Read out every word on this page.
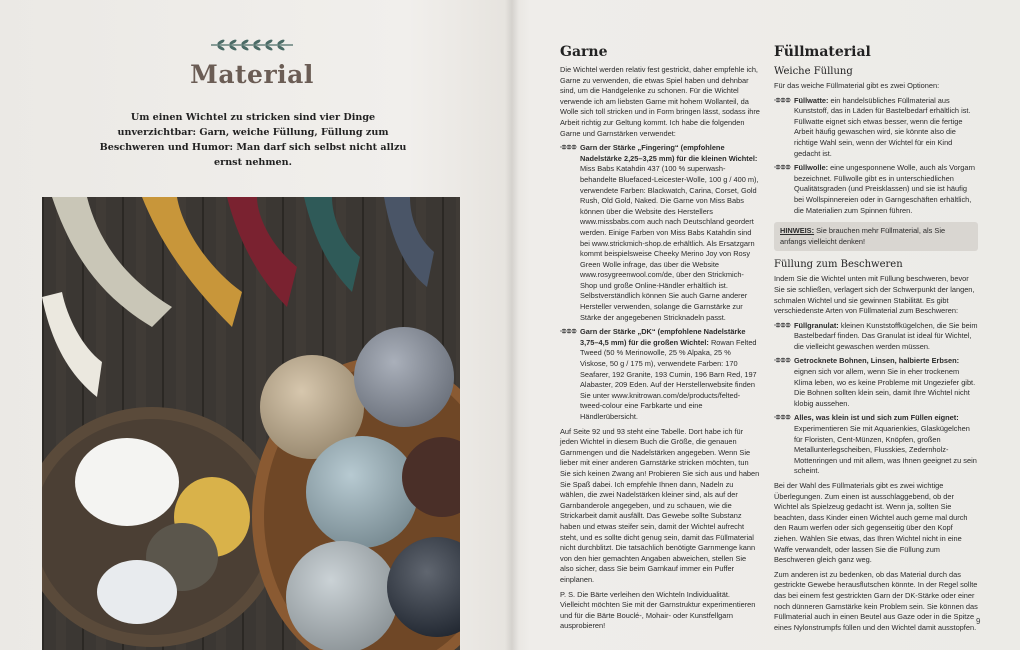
Material
Um einen Wichtel zu stricken sind vier Dinge unverzichtbar: Garn, weiche Füllung, Füllung zum Beschweren und Humor: Man darf sich selbst nicht allzu ernst nehmen.
Garne

Die Wichtel werden relativ fest gestrickt, daher empfehle ich, Garne zu verwenden, die etwas Spiel haben und dehnbar sind, um die Handgelenke zu schonen. Für die Wichtel verwende ich am liebsten Garne mit hohem Wollanteil, da Wolle sich toll stricken und in Form bringen lässt, sodass ihre Arbeit richtig zur Geltung kommt. Ich habe die folgenden Garne und Garnstärken verwendet:

Garn der Stärke „Fingering“ (empfohlene Nadelstärke 2,25–3,25 mm) für die kleinen Wichtel: Miss Babs Katahdin 437 (100 % superwash-behandelte Bluefaced-Leicester-Wolle, 100 g / 400 m), verwendete Farben: Blackwatch, Carina, Corset, Gold Rush, Old Gold, Naked. Die Garne von Miss Babs können über die Website des Herstellers www.missbabs.com auch nach Deutschland geordert werden. Einige Farben von Miss Babs Katahdin sind bei www.strickmich-shop.de erhältlich. Als Ersatzgarn kommt beispielsweise Cheeky Merino Joy von Rosy Green Wolle infrage, das über die Website www.rosygreenwool.com/de, über den Strickmich-Shop und große Online-Händler erhältlich ist. Selbstverständlich können Sie auch Garne anderer Hersteller verwenden, solange die Garnstärke zur Stärke der angegebenen Stricknadeln passt.
Garn der Stärke „DK“ (empfohlene Nadelstärke 3,75–4,5 mm) für die großen Wichtel: Rowan Felted Tweed (50 % Merinowolle, 25 % Alpaka, 25 % Viskose, 50 g / 175 m), verwendete Farben: 170 Seafarer, 192 Granite, 193 Cumin, 196 Barn Red, 197 Alabaster, 209 Eden. Auf der Herstellerwebsite finden Sie unter www.knitrowan.com/de/products/felted-tweed-colour eine Farbkarte und eine Händlerübersicht.

Auf Seite 92 und 93 steht eine Tabelle. Dort habe ich für jeden Wichtel in diesem Buch die Größe, die genauen Garnmengen und die Nadelstärken angegeben. Wenn Sie lieber mit einer anderen Garnstärke stricken möchten, tun Sie sich keinen Zwang an! Probieren Sie sich aus und haben Sie Spaß dabei. Ich empfehle Ihnen dann, Nadeln zu wählen, die zwei Nadelstärken kleiner sind, als auf der Garnbanderole angegeben, und zu schauen, wie die Strickarbeit damit ausfällt. Das Gewebe sollte Substanz haben und etwas steifer sein, damit der Wichtel aufrecht steht, und es sollte dicht genug sein, damit das Füllmaterial nicht durchblitzt. Die tatsächlich benötigte Garnmenge kann von den hier gemachten Angaben abweichen, stellen Sie also sicher, dass Sie beim Garnkauf immer ein Puffer einplanen.

P. S. Die Bärte verleihen den Wichteln Individualität. Vielleicht möchten Sie mit der Garnstruktur experimentieren und für die Bärte Bouclé-, Mohair- oder Kunstfellgarn ausprobieren!

Füllmaterial
Weiche Füllung

Für das weiche Füllmaterial gibt es zwei Optionen:

Füllwatte: ein handelsübliches Füllmaterial aus Kunststoff, das in Läden für Bastelbedarf erhältlich ist. Füllwatte eignet sich etwas besser, wenn die fertige Arbeit häufig gewaschen wird, sie könnte also die richtige Wahl sein, wenn der Wichtel für ein Kind gedacht ist.
Füllwolle: eine ungesponnene Wolle, auch als Vorgarn bezeichnet. Füllwolle gibt es in unterschiedlichen Qualitätsgraden (und Preisklassen) und sie ist häufig bei Wollspinnereien oder in Garngeschäften erhältlich, die Materialien zum Spinnen führen.
HINWEIS: Sie brauchen mehr Füllmaterial, als Sie anfangs vielleicht denken!
Füllung zum Beschweren

Indem Sie die Wichtel unten mit Füllung beschweren, bevor Sie sie schließen, verlagert sich der Schwerpunkt der langen, schmalen Wichtel und sie gewinnen Stabilität. Es gibt verschiedenste Arten von Füllmaterial zum Beschweren:

Füllgranulat: kleinen Kunststoffkügelchen, die Sie beim Bastelbedarf finden. Das Granulat ist ideal für Wichtel, die vielleicht gewaschen werden müssen.
Getrocknete Bohnen, Linsen, halbierte Erbsen: eignen sich vor allem, wenn Sie in eher trockenem Klima leben, wo es keine Probleme mit Ungeziefer gibt. Die Bohnen sollten klein sein, damit Ihre Wichtel nicht klobig aussehen.
Alles, was klein ist und sich zum Füllen eignet: Experimentieren Sie mit Aquarienkies, Glaskügelchen für Floristen, Cent-Münzen, Knöpfen, großen Metallunterlegscheiben, Flusskies, Zedernholz-Mottenringen und mit allem, was Ihnen geeignet zu sein scheint.

Bei der Wahl des Füllmaterials gibt es zwei wichtige Überlegungen. Zum einen ist ausschlaggebend, ob der Wichtel als Spielzeug gedacht ist. Wenn ja, sollten Sie beachten, dass Kinder einen Wichtel auch gerne mal durch den Raum werfen oder sich gegenseitig über den Kopf ziehen. Wählen Sie etwas, das Ihren Wichtel nicht in eine Waffe verwandelt, oder lassen Sie die Füllung zum Beschweren gleich ganz weg.

Zum anderen ist zu bedenken, ob das Material durch das gestrickte Gewebe herausflutschen könnte. In der Regel sollte das bei einem fest gestrickten Garn der DK-Stärke oder einer noch dünneren Garnstärke kein Problem sein. Sie können das Füllmaterial auch in einen Beutel aus Gaze oder in die Spitze eines Nylonstrumpfs füllen und den Wichtel damit ausstopfen.

9
